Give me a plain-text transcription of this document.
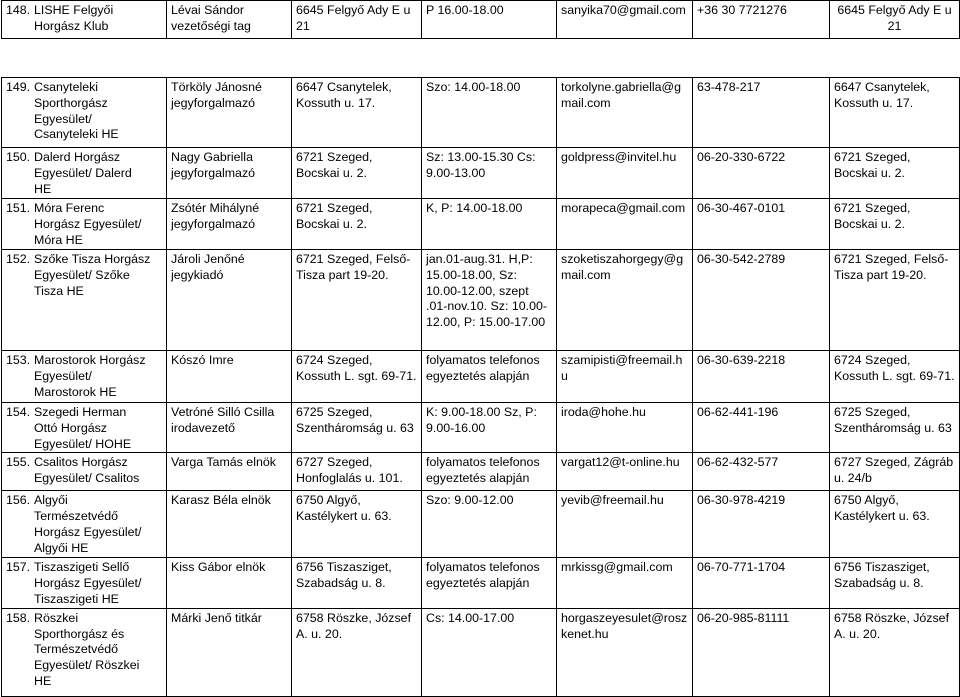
148. LISHE Felgyői Horgász Klub	Lévai Sándor vezetőségi tag	6645 Felgyő Ady E u 21	P 16.00-18.00	sanyika70@gmail.com	+36 30 7721276	6645 Felgyő Ady E u 21

149. Csanyteleki Sporthorgász Egyesület/ Csanyteleki HE	Törköly Jánosné jegyforgalmazó	6647 Csanytelek, Kossuth u. 17.	Szo: 14.00-18.00	torkolyne.gabriella@gmail.com	63-478-217	6647 Csanytelek, Kossuth u. 17.
150. Dalerd Horgász Egyesület/ Dalerd HE	Nagy Gabriella jegyforgalmazó	6721 Szeged, Bocskai u. 2.	Sz: 13.00-15.30 Cs: 9.00-13.00	goldpress@invitel.hu	06-20-330-6722	6721 Szeged, Bocskai u. 2.
151. Móra Ferenc Horgász Egyesület/ Móra HE	Zsótér Mihályné jegyforgalmazó	6721 Szeged, Bocskai u. 2.	K, P: 14.00-18.00	morapeca@gmail.com	06-30-467-0101	6721 Szeged, Bocskai u. 2.
152. Szőke Tisza Horgász Egyesület/ Szőke Tisza HE	Jároli Jenőné jegykiadó	6721 Szeged, Felső-Tisza part 19-20.	jan.01-aug.31. H,P: 15.00-18.00, Sz: 10.00-12.00, szept .01-nov.10. Sz: 10.00-12.00, P: 15.00-17.00	szoketiszahorgegy@gmail.com	06-30-542-2789	6721 Szeged, Felső-Tisza part 19-20.
153. Marostorok Horgász Egyesület/ Marostorok HE	Kószó Imre	6724 Szeged, Kossuth L. sgt. 69-71.	folyamatos telefonos egyeztetés alapján	szamipisti@freemail.hu	06-30-639-2218	6724 Szeged, Kossuth L. sgt. 69-71.
154. Szegedi Herman Ottó Horgász Egyesület/ HOHE	Vetróné Silló Csilla irodavezető	6725 Szeged, Szentháromság u. 63	K: 9.00-18.00 Sz, P: 9.00-16.00	iroda@hohe.hu	06-62-441-196	6725 Szeged, Szentháromság u. 63
155. Csalitos Horgász Egyesület/ Csalitos	Varga Tamás elnök	6727 Szeged, Honfoglalás u. 101.	folyamatos telefonos egyeztetés alapján	vargat12@t-online.hu	06-62-432-577	6727 Szeged, Zágráb u. 24/b
156. Algyői Természetvédő Horgász Egyesület/ Algyői HE	Karasz Béla elnök	6750 Algyő, Kastélykert u. 63.	Szo: 9.00-12.00	yevib@freemail.hu	06-30-978-4219	6750 Algyő, Kastélykert u. 63.
157. Tiszaszigeti Sellő Horgász Egyesület/ Tiszaszigeti HE	Kiss Gábor elnök	6756 Tiszasziget, Szabadság u. 8.	folyamatos telefonos egyeztetés alapján	mrkissg@gmail.com	06-70-771-1704	6756 Tiszasziget, Szabadság u. 8.
158. Röszkei Sporthorgász és Természetvédő Egyesület/ Röszkei HE	Márki Jenő titkár	6758 Röszke, József A. u. 20.	Cs: 14.00-17.00	horgaszeyesulet@roszkenet.hu	06-20-985-81111	6758 Röszke, József A. u. 20.
